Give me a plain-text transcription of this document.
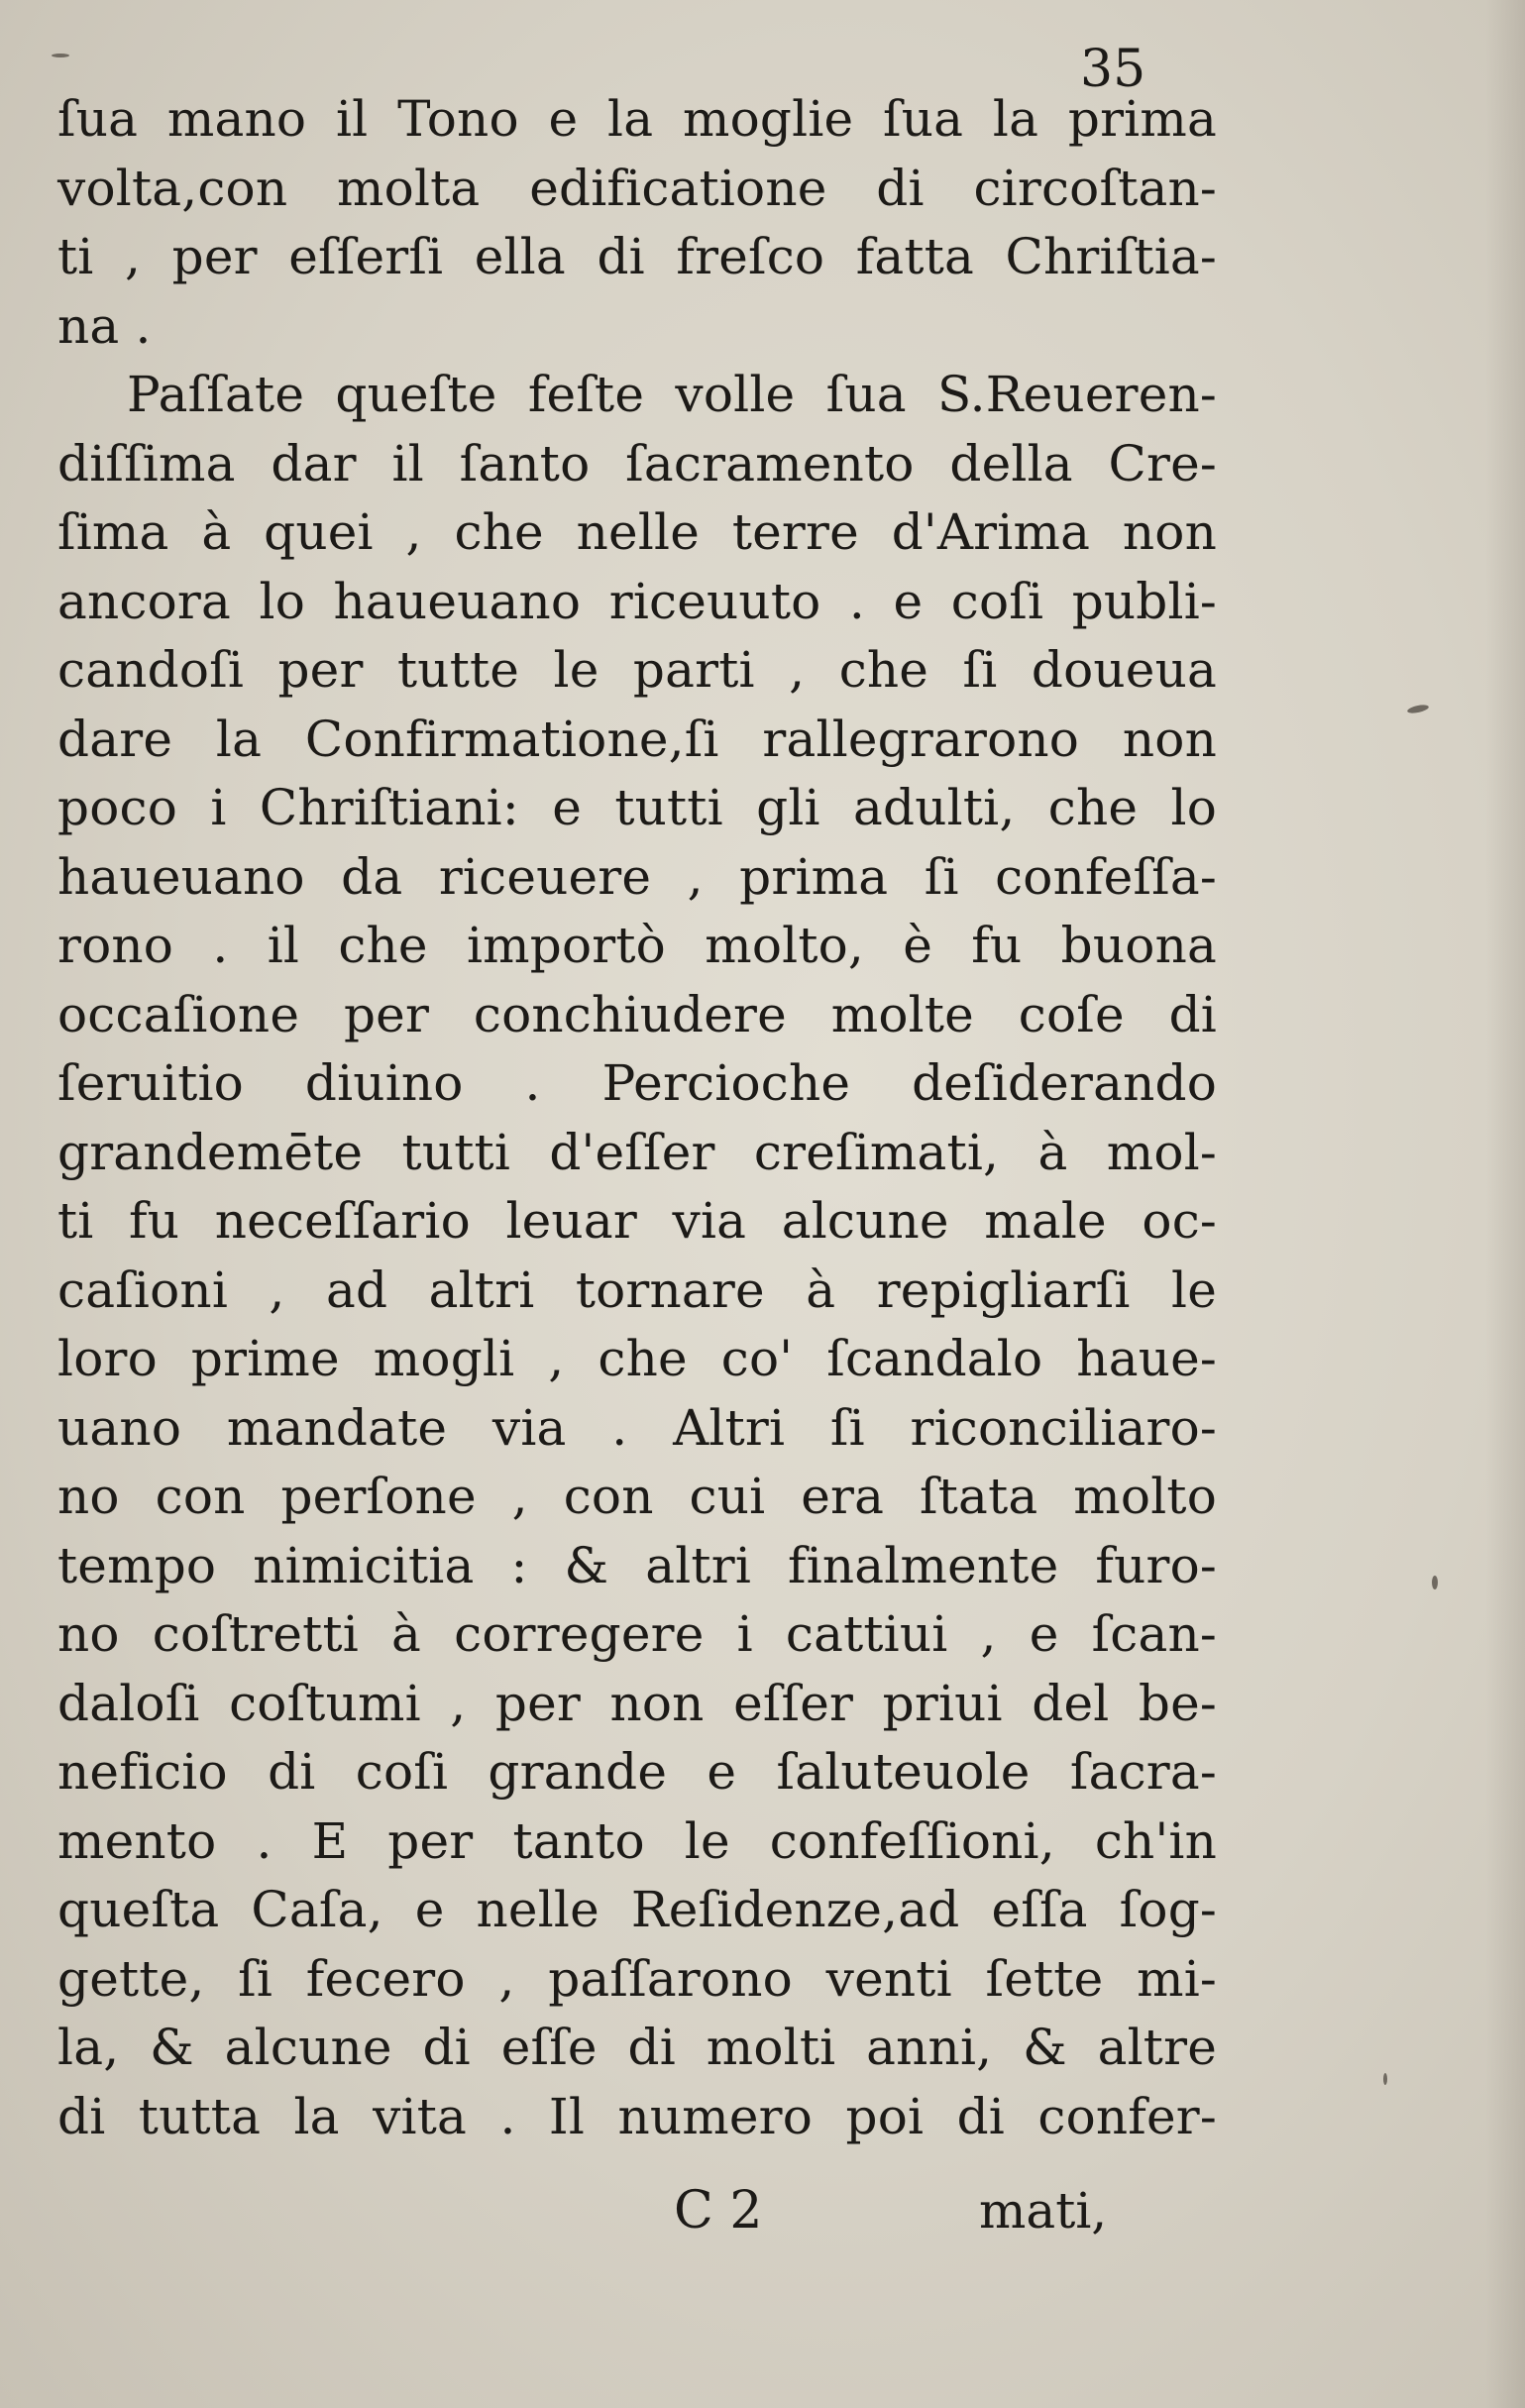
35
ſua mano il Tono e la moglie ſua la prima
volta,con molta edificatione di circoſtan-
ti , per eſſerſi ella di freſco fatta Chriſtia-
na .
Paſſate queſte feſte volle ſua S.Reueren-
diſſima dar il ſanto ſacramento della Cre-
ſima à quei , che nelle terre d'Arima non
ancora lo haueuano riceuuto . e coſi publi-
candoſi per tutte le parti , che ſi doueua
dare la Confirmatione,ſi rallegrarono non
poco i Chriſtiani: e tutti gli adulti, che lo
haueuano da riceuere , prima ſi confeſſa-
rono . il che importò molto, è fu buona
occaſione per conchiudere molte coſe di
ſeruitio diuino . Percioche deſiderando
grandemēte tutti d'eſſer creſimati, à mol-
ti fu neceſſario leuar via alcune male oc-
caſioni , ad altri tornare à repigliarſi le
loro prime mogli , che co' ſcandalo haue-
uano mandate via . Altri ſi riconciliaro-
no con perſone , con cui era ſtata molto
tempo nimicitia : & altri finalmente furo-
no coſtretti à corregere i cattiui , e ſcan-
daloſi coſtumi , per non eſſer priui del be-
neficio di coſi grande e ſaluteuole ſacra-
mento . E per tanto le confeſſioni, ch'in
queſta Caſa, e nelle Reſidenze,ad eſſa ſog-
gette, ſi fecero , paſſarono venti ſette mi-
la, & alcune di eſſe di molti anni, & altre
di tutta la vita . Il numero poi di confer-
C 2	mati,
